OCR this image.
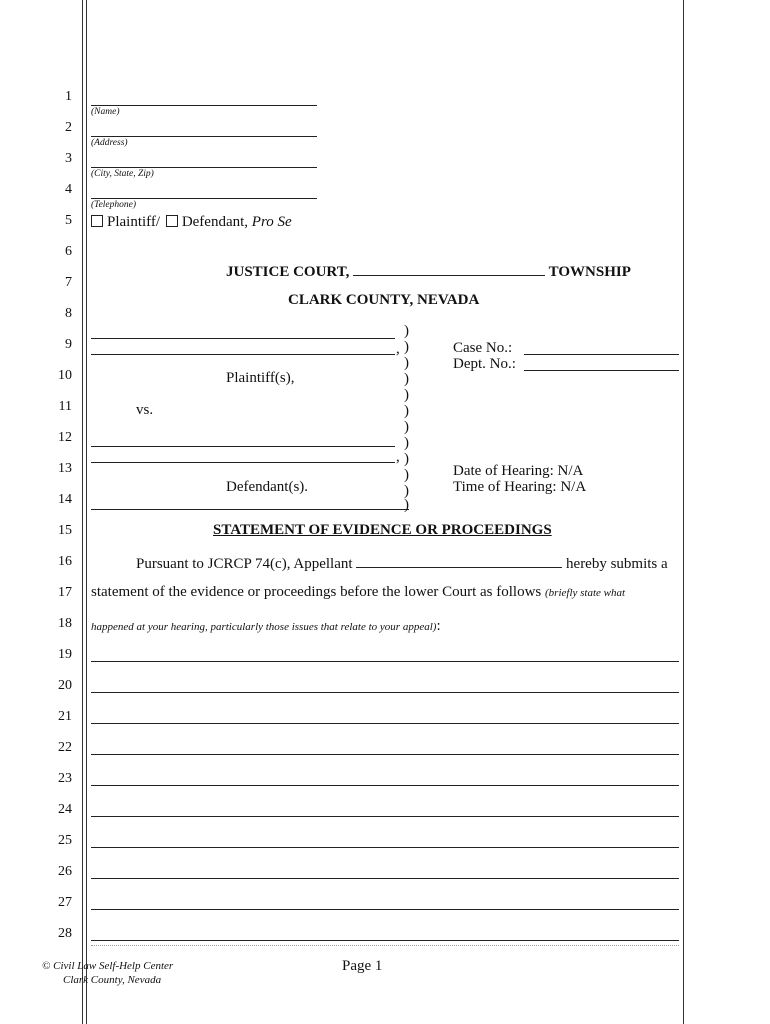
1
2
3
4
5
6
7
8
9
10
11
12
13
14
15
16
17
18
19
20
21
22
23
24
25
26
27
28
(Name)
(Address)
(City, State, Zip)
(Telephone)
Plaintiff/ Defendant, Pro Se
JUSTICE COURT,	TOWNSHIP
CLARK COUNTY, NEVADA
,
Plaintiff(s),
vs.
,
Defendant(s).
)
)
)
)
)
)
)
)
)
)
)
)
Case No.:
Dept. No.:
Date of Hearing: N/A
Time of Hearing: N/A
STATEMENT OF EVIDENCE OR PROCEEDINGS
Pursuant to JCRCP 74(c), Appellant	hereby submits a
statement of the evidence or proceedings before the lower Court as follows (briefly state what
happened at your hearing, particularly those issues that relate to your appeal):
© Civil Law Self-Help Center
Clark County, Nevada
Page 1
